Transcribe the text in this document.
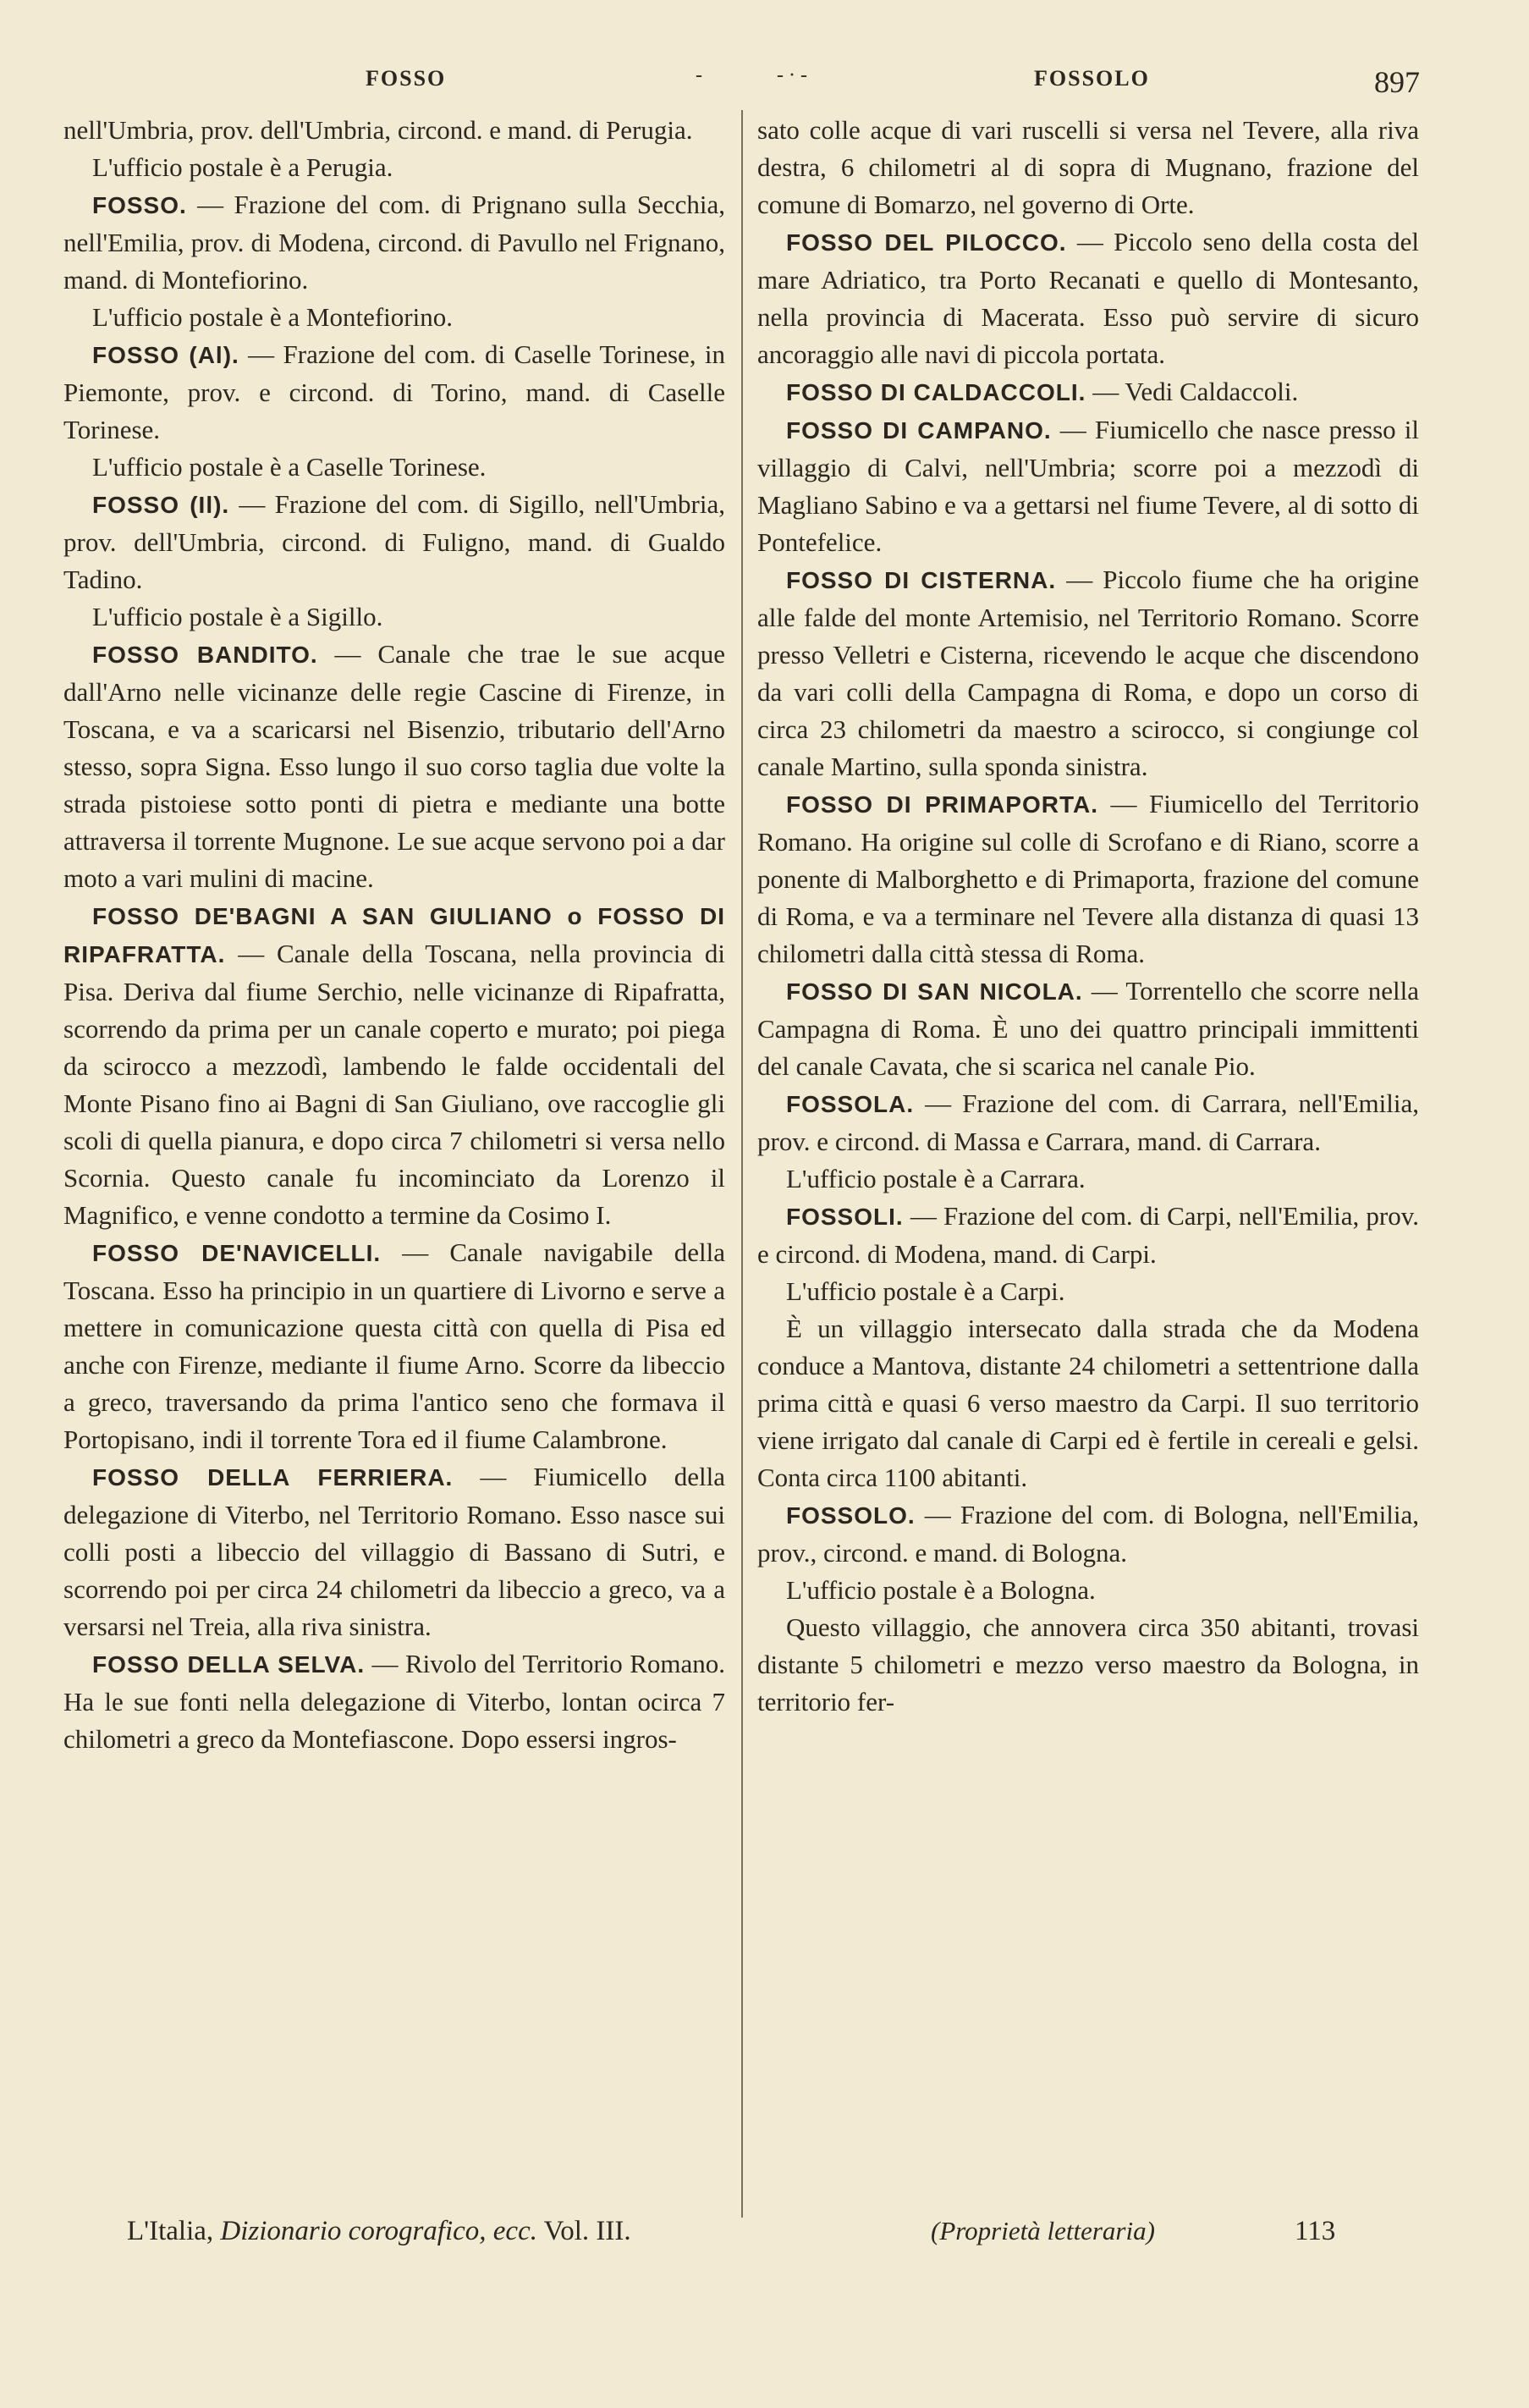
FOSSO	-	- · -	FOSSOLO	897

nell'Umbria, prov. dell'Umbria, circond. e mand. di Perugia.

L'ufficio postale è a Perugia.

FOSSO. — Frazione del com. di Prignano sulla Secchia, nell'Emilia, prov. di Modena, circond. di Pavullo nel Frignano, mand. di Montefiorino.

L'ufficio postale è a Montefiorino.

FOSSO (Al). — Frazione del com. di Caselle Torinese, in Piemonte, prov. e circond. di Torino, mand. di Caselle Torinese.

L'ufficio postale è a Caselle Torinese.

FOSSO (Il). — Frazione del com. di Sigillo, nell'Umbria, prov. dell'Umbria, circond. di Fuligno, mand. di Gualdo Tadino.

L'ufficio postale è a Sigillo.

FOSSO BANDITO. — Canale che trae le sue acque dall'Arno nelle vicinanze delle regie Cascine di Firenze, in Toscana, e va a scaricarsi nel Bisenzio, tributario dell'Arno stesso, sopra Signa. Esso lungo il suo corso taglia due volte la strada pistoiese sotto ponti di pietra e mediante una botte attraversa il torrente Mugnone. Le sue acque servono poi a dar moto a vari mulini di macine.

FOSSO DE'BAGNI A SAN GIULIANO o FOSSO DI RIPAFRATTA. — Canale della Toscana, nella provincia di Pisa. Deriva dal fiume Serchio, nelle vicinanze di Ripafratta, scorrendo da prima per un canale coperto e murato; poi piega da scirocco a mezzodì, lambendo le falde occidentali del Monte Pisano fino ai Bagni di San Giuliano, ove raccoglie gli scoli di quella pianura, e dopo circa 7 chilometri si versa nello Scornia. Questo canale fu incominciato da Lorenzo il Magnifico, e venne condotto a termine da Cosimo I.

FOSSO DE'NAVICELLI. — Canale navigabile della Toscana. Esso ha principio in un quartiere di Livorno e serve a mettere in comunicazione questa città con quella di Pisa ed anche con Firenze, mediante il fiume Arno. Scorre da libeccio a greco, traversando da prima l'antico seno che formava il Portopisano, indi il torrente Tora ed il fiume Calambrone.

FOSSO DELLA FERRIERA. — Fiumicello della delegazione di Viterbo, nel Territorio Romano. Esso nasce sui colli posti a libeccio del villaggio di Bassano di Sutri, e scorrendo poi per circa 24 chilometri da libeccio a greco, va a versarsi nel Treia, alla riva sinistra.

FOSSO DELLA SELVA. — Rivolo del Territorio Romano. Ha le sue fonti nella delegazione di Viterbo, lontan ocirca 7 chilometri a greco da Montefiascone. Dopo essersi ingros-

sato colle acque di vari ruscelli si versa nel Tevere, alla riva destra, 6 chilometri al di sopra di Mugnano, frazione del comune di Bomarzo, nel governo di Orte.

FOSSO DEL PILOCCO. — Piccolo seno della costa del mare Adriatico, tra Porto Recanati e quello di Montesanto, nella provincia di Macerata. Esso può servire di sicuro ancoraggio alle navi di piccola portata.

FOSSO DI CALDACCOLI. — Vedi Caldaccoli.

FOSSO DI CAMPANO. — Fiumicello che nasce presso il villaggio di Calvi, nell'Umbria; scorre poi a mezzodì di Magliano Sabino e va a gettarsi nel fiume Tevere, al di sotto di Pontefelice.

FOSSO DI CISTERNA. — Piccolo fiume che ha origine alle falde del monte Artemisio, nel Territorio Romano. Scorre presso Velletri e Cisterna, ricevendo le acque che discendono da vari colli della Campagna di Roma, e dopo un corso di circa 23 chilometri da maestro a scirocco, si congiunge col canale Martino, sulla sponda sinistra.

FOSSO DI PRIMAPORTA. — Fiumicello del Territorio Romano. Ha origine sul colle di Scrofano e di Riano, scorre a ponente di Malborghetto e di Primaporta, frazione del comune di Roma, e va a terminare nel Tevere alla distanza di quasi 13 chilometri dalla città stessa di Roma.

FOSSO DI SAN NICOLA. — Torrentello che scorre nella Campagna di Roma. È uno dei quattro principali immittenti del canale Cavata, che si scarica nel canale Pio.

FOSSOLA. — Frazione del com. di Carrara, nell'Emilia, prov. e circond. di Massa e Carrara, mand. di Carrara.

L'ufficio postale è a Carrara.

FOSSOLI. — Frazione del com. di Carpi, nell'Emilia, prov. e circond. di Modena, mand. di Carpi.

L'ufficio postale è a Carpi.

È un villaggio intersecato dalla strada che da Modena conduce a Mantova, distante 24 chilometri a settentrione dalla prima città e quasi 6 verso maestro da Carpi. Il suo territorio viene irrigato dal canale di Carpi ed è fertile in cereali e gelsi. Conta circa 1100 abitanti.

FOSSOLO. — Frazione del com. di Bologna, nell'Emilia, prov., circond. e mand. di Bologna.

L'ufficio postale è a Bologna.

Questo villaggio, che annovera circa 350 abitanti, trovasi distante 5 chilometri e mezzo verso maestro da Bologna, in territorio fer-

L'Italia, Dizionario corografico, ecc. Vol. III.	(Proprietà letteraria)	113
